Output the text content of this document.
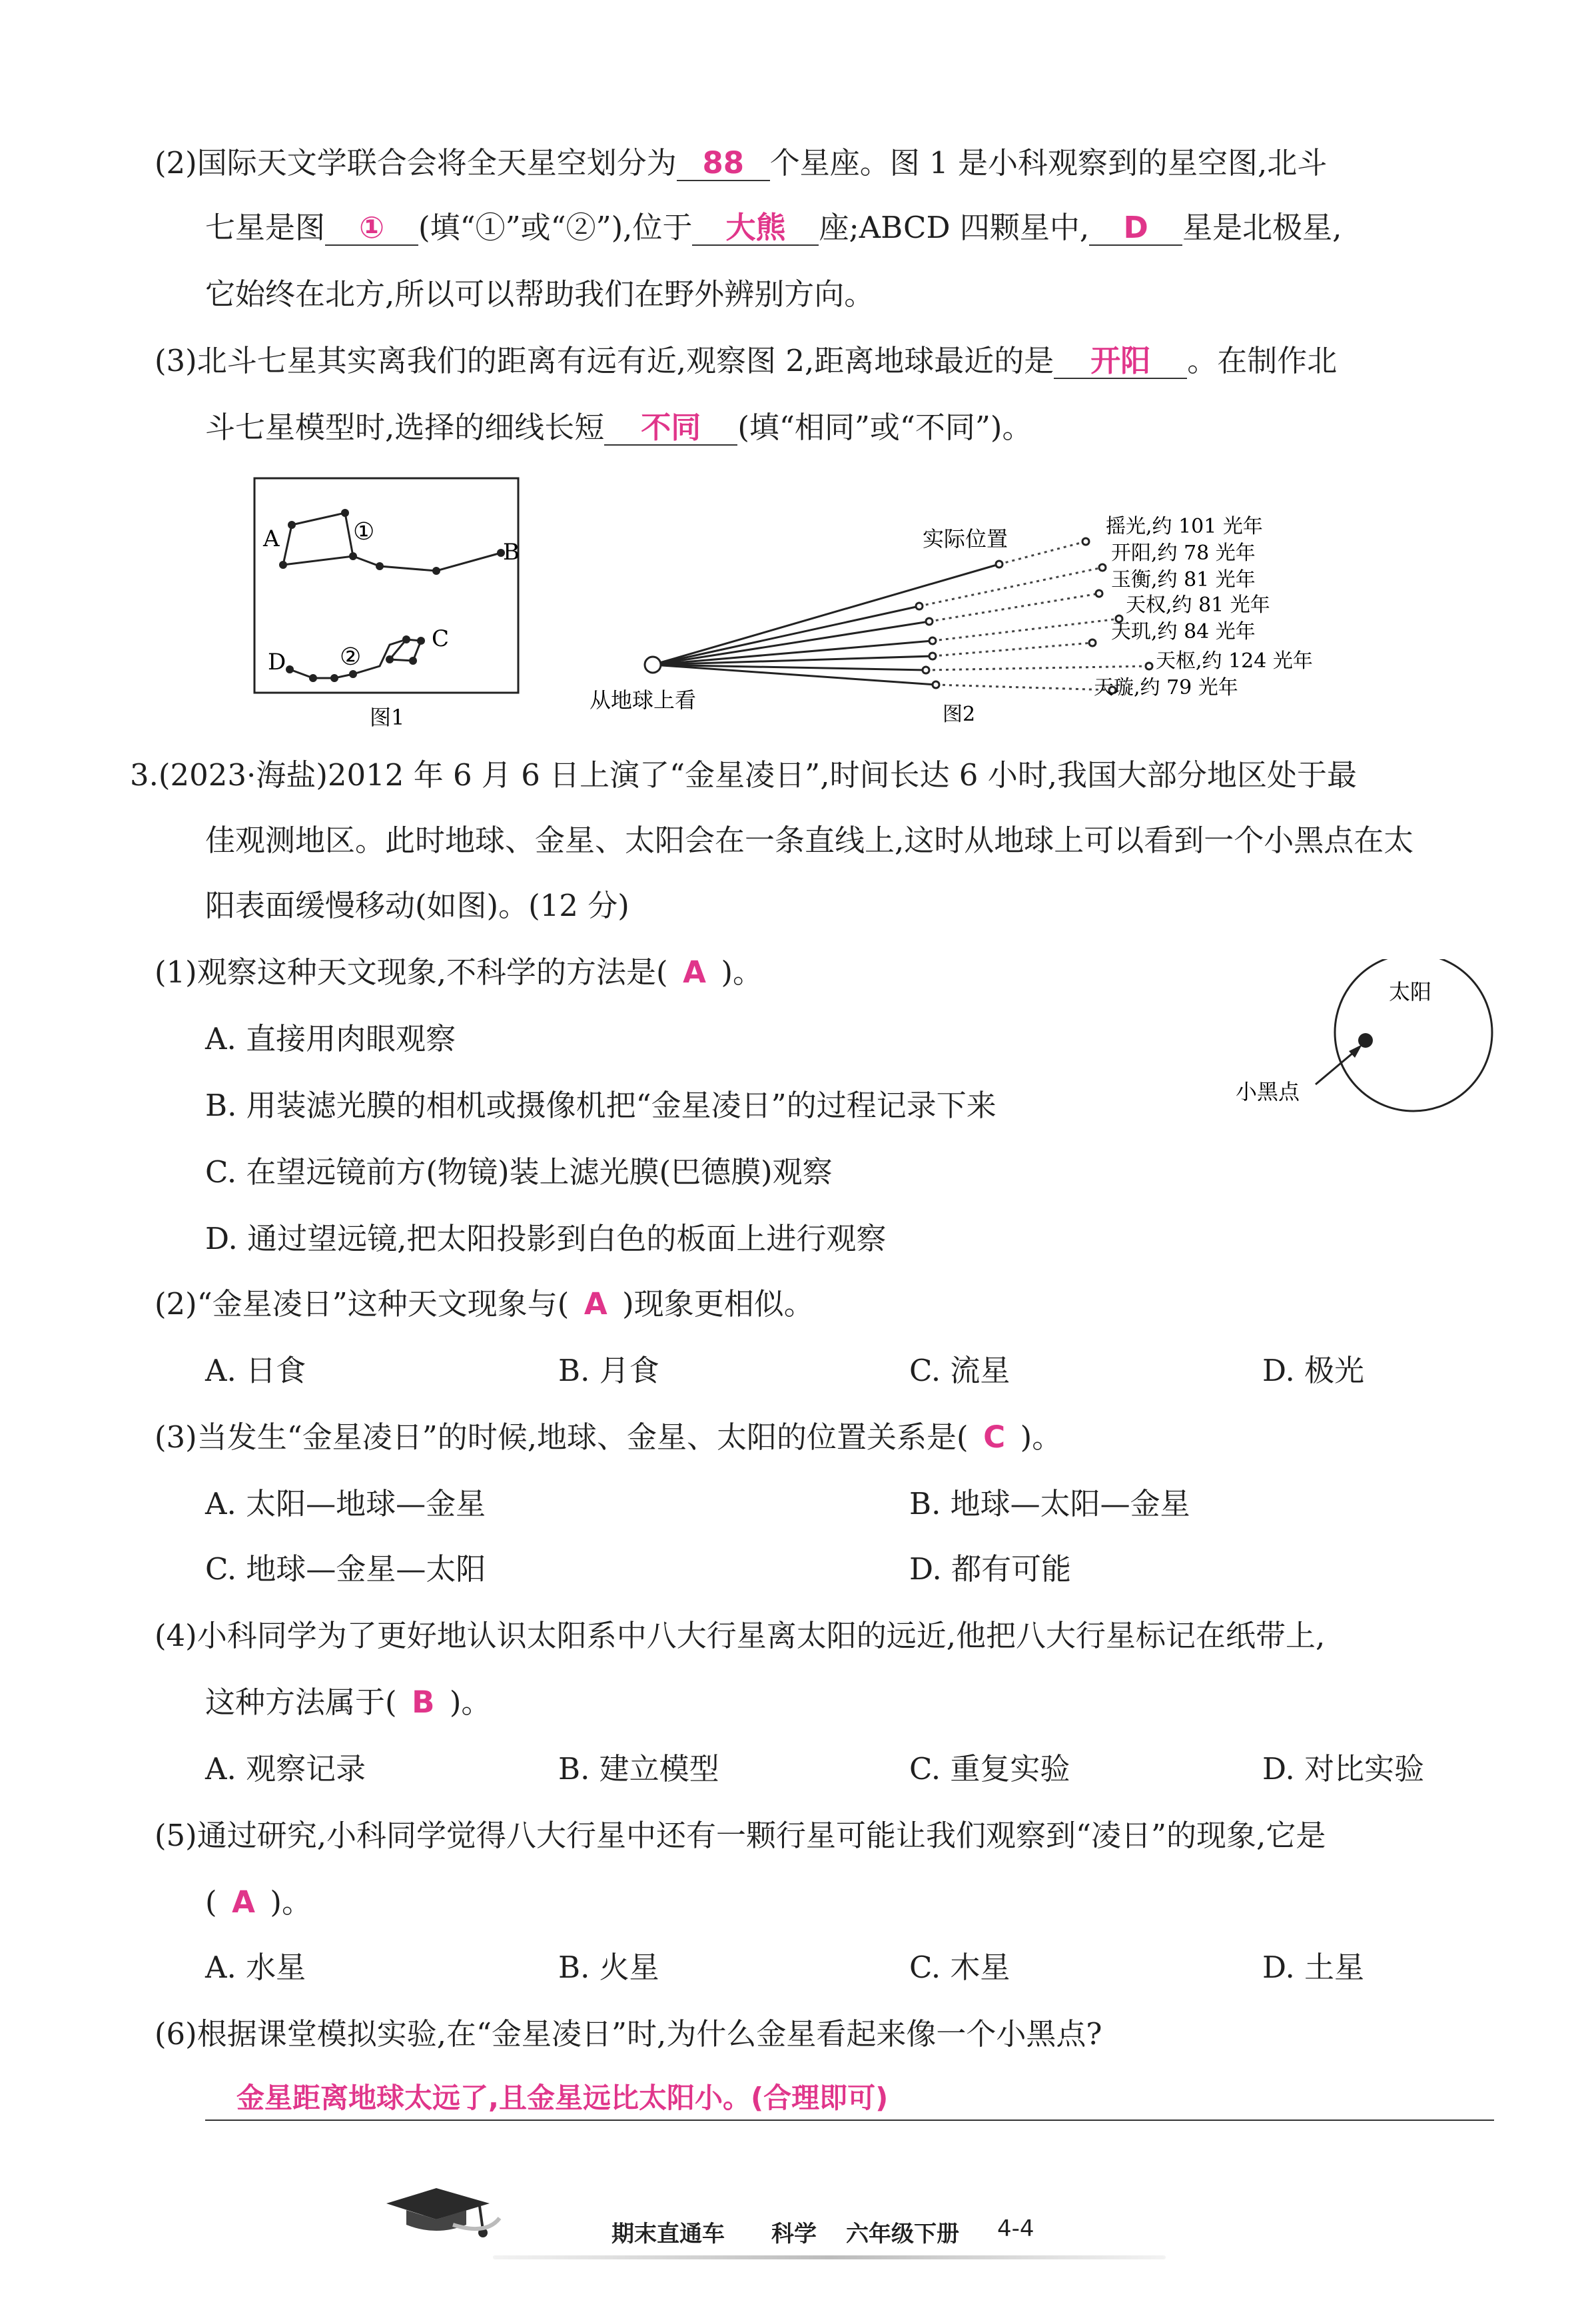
(2)国际天文学联合会将全天星空划分为 88 个星座。图 1 是小科观察到的星空图,北斗
七星是图 ① (填“①”或“②”),位于 大熊 座;ABCD 四颗星中, D 星是北极星,
它始终在北方,所以可以帮助我们在野外辨别方向。
(3)北斗七星其实离我们的距离有远有近,观察图 2,距离地球最近的是 开阳 。在制作北
斗七星模型时,选择的细线长短 不同 (填“相同”或“不同”)。
A	B
①
D
C
②
图1
实际位置	摇光,约 101 光年
开阳,约 78 光年
玉衡,约 81 光年
天权,约 81 光年
天玑,约 84 光年
天枢,约 124 光年
天璇,约 79 光年
从地球上看
图2
3.(2023·海盐)2012 年 6 月 6 日上演了“金星凌日”,时间长达 6 小时,我国大部分地区处于最
佳观测地区。此时地球、金星、太阳会在一条直线上,这时从地球上可以看到一个小黑点在太
阳表面缓慢移动(如图)。(12 分)
太阳
小黑点
(1)观察这种天文现象,不科学的方法是(  A  )。
A. 直接用肉眼观察
B. 用装滤光膜的相机或摄像机把“金星凌日”的过程记录下来
C. 在望远镜前方(物镜)装上滤光膜(巴德膜)观察
D. 通过望远镜,把太阳投影到白色的板面上进行观察
(2)“金星凌日”这种天文现象与(  A  )现象更相似。
A. 日食	B. 月食	C. 流星	D. 极光
(3)当发生“金星凌日”的时候,地球、金星、太阳的位置关系是(  C  )。
A. 太阳—地球—金星	B. 地球—太阳—金星
C. 地球—金星—太阳	D. 都有可能
(4)小科同学为了更好地认识太阳系中八大行星离太阳的远近,他把八大行星标记在纸带上,
这种方法属于(  B  )。
A. 观察记录	B. 建立模型	C. 重复实验	D. 对比实验
(5)通过研究,小科同学觉得八大行星中还有一颗行星可能让我们观察到“凌日”的现象,它是
(  A  )。
A. 水星	B. 火星	C. 木星	D. 土星
(6)根据课堂模拟实验,在“金星凌日”时,为什么金星看起来像一个小黑点?
金星距离地球太远了,且金星远比太阳小。(合理即可)
期末直通车 科学 六年级下册 4-4
